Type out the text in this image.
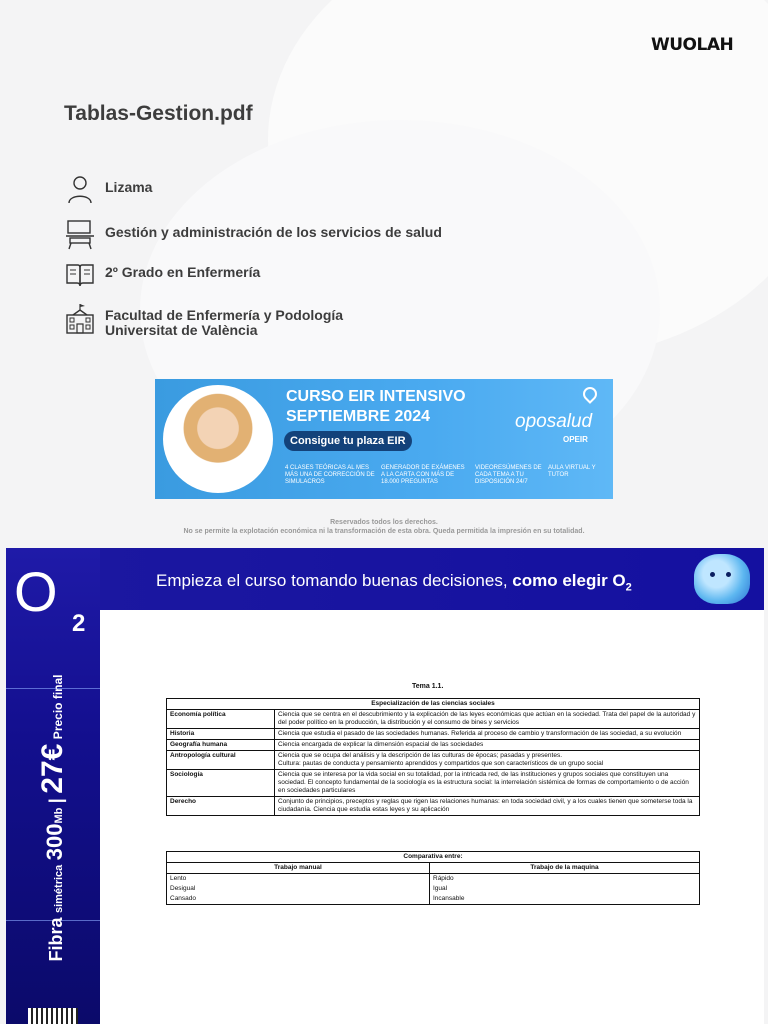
WUOLAH
Tablas-Gestion.pdf
Lizama
Gestión y administración de los servicios de salud
2º Grado en Enfermería
Facultad de Enfermería y Podología
Universitat de València
CURSO EIR INTENSIVO
SEPTIEMBRE 2024
Consigue tu plaza EIR
oposalud
OPEIR
4 CLASES TEÓRICAS AL MES MÁS UNA DE CORRECCIÓN DE SIMULACROS
GENERADOR DE EXÁMENES A LA CARTA CON MÁS DE 18.000 PREGUNTAS
VIDEORESÚMENES DE CADA TEMA A TU DISPOSICIÓN 24/7
AULA VIRTUAL Y TUTOR
Reservados todos los derechos.
No se permite la explotación económica ni la transformación de esta obra. Queda permitida la impresión en su totalidad.
O
2
Fibra simétrica 300Mb | 27€ Precio final
Empieza el curso tomando buenas decisiones, como elegir $O_2$
Tema 1.1.
Especialización de las ciencias sociales	
Economía política	Ciencia que se centra en el descubrimiento y la explicación de las leyes económicas que actúan en la sociedad. Trata del papel de la autoridad y del poder político en la producción, la distribución y el consumo de bines y servicios
Historia	Ciencia que estudia el pasado de las sociedades humanas. Referida al proceso de cambio y transformación de las sociedad, a su evolución
Geografía humana	Ciencia encargada de explicar la dimensión espacial de las sociedades
Antropología cultural	Ciencia que se ocupa del análisis y la descripción de las culturas de épocas; pasadas y presentes.
Cultura: pautas de conducta y pensamiento aprendidos y compartidos que son característicos de un grupo social

Sociología	Ciencia que se interesa por la vida social en su totalidad, por la intricada red, de las instituciones y grupos sociales que constituyen una sociedad. El concepto fundamental de la sociología es la estructura social: la interrelación sistémica de formas de comportamiento o de acción en sociedades particulares
Derecho	Conjunto de principios, preceptos y reglas que rigen las relaciones humanas: en toda sociedad civil, y a los cuales tienen que someterse toda la ciudadanía. Ciencia que estudia estas leyes y su aplicación
Comparativa entre:	
Trabajo manual	Trabajo de la maquina
Lento	Rápido
Desigual	Igual
Cansado	Incansable
